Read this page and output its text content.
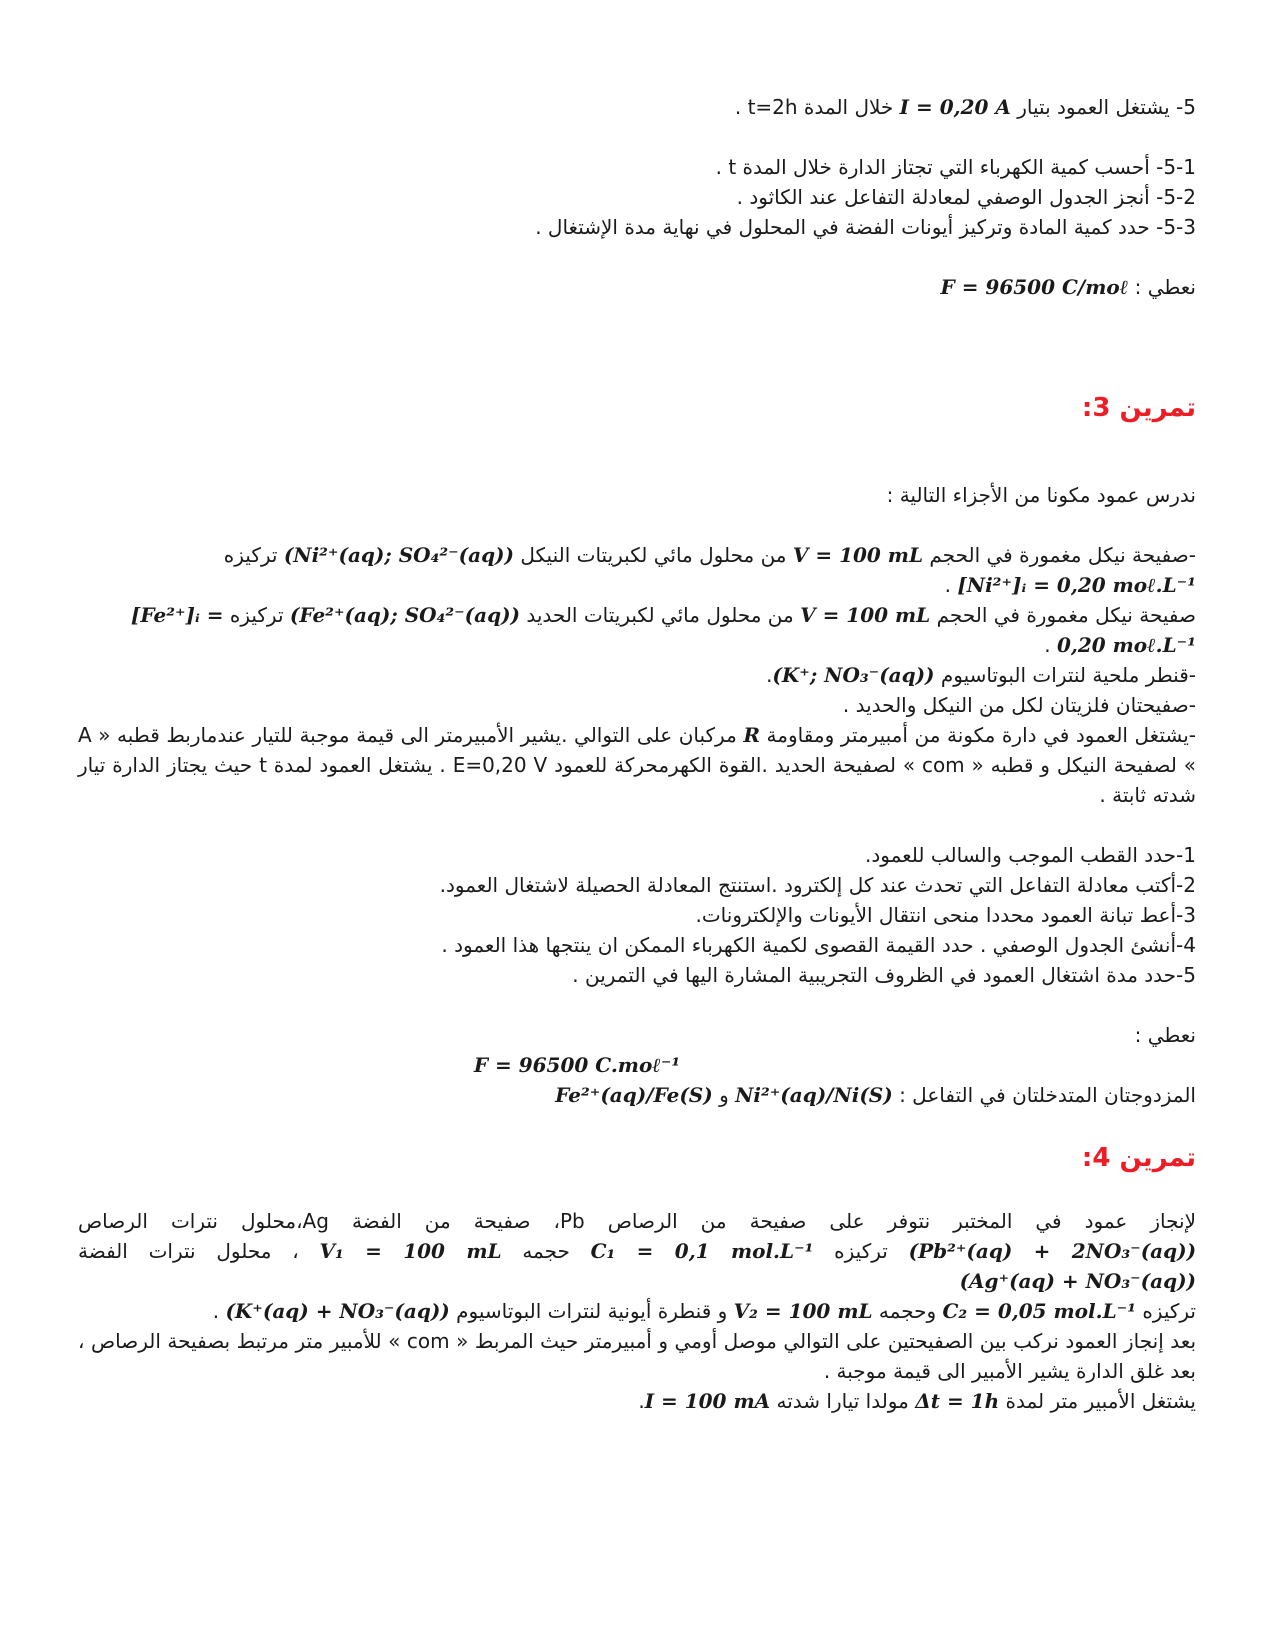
5- يشتغل العمود بتيار I = 0,20 A خلال المدة t=2h .

5-1- أحسب كمية الكهرباء التي تجتاز الدارة خلال المدة t .

5-2- أنجز الجدول الوصفي لمعادلة التفاعل عند الكاثود .

5-3- حدد كمية المادة وتركيز أيونات الفضة في المحلول في نهاية مدة الإشتغال .

نعطي : F = 96500 C/moℓ

تمرين 3:

ندرس عمود مكونا من الأجزاء التالية :

-صفيحة نيكل مغمورة في الحجم V = 100 mL من محلول مائي لكبريتات النيكل (Ni²⁺(aq); SO₄²⁻(aq)) تركيزه

[Ni²⁺]ᵢ = 0,20 moℓ.L⁻¹ .

صفيحة نيكل مغمورة في الحجم V = 100 mL من محلول مائي لكبريتات الحديد (Fe²⁺(aq); SO₄²⁻(aq)) تركيزه [Fe²⁺]ᵢ =

0,20 moℓ.L⁻¹ .

-قنطر ملحية لنترات البوتاسيوم (K⁺; NO₃⁻(aq)).

-صفيحتان فلزيتان لكل من النيكل والحديد .

-يشتغل العمود في دارة مكونة من أمبيرمتر ومقاومة R مركبان على التوالي .يشير الأمبيرمتر الى قيمة موجبة للتيار عندماربط قطبه « A » لصفيحة النيكل و قطبه « com » لصفيحة الحديد .القوة الكهرمحركة للعمود E=0,20 V . يشتغل العمود لمدة t حيث يجتاز الدارة تيار شدته ثابتة .

1-حدد القطب الموجب والسالب للعمود.

2-أكتب معادلة التفاعل التي تحدث عند كل إلكترود .استنتج المعادلة الحصيلة لاشتغال العمود.

3-أعط تبانة العمود محددا منحى انتقال الأيونات والإلكترونات.

4-أنشئ الجدول الوصفي . حدد القيمة القصوى لكمية الكهرباء الممكن ان ينتجها هذا العمود .

5-حدد مدة اشتغال العمود في الظروف التجريبية المشارة اليها في التمرين .

نعطي :

F = 96500 C.moℓ⁻¹

المزدوجتان المتدخلتان في التفاعل : Ni²⁺(aq)/Ni(S) و Fe²⁺(aq)/Fe(S)

تمرين 4:

لإنجاز عمود في المختبر نتوفر على صفيحة من الرصاص Pb، صفيحة من الفضة Ag،محلول نترات الرصاص (Pb²⁺(aq) + 2NO₃⁻(aq)) تركيزه C₁ = 0,1 mol.L⁻¹ حجمه V₁ = 100 mL ، محلول نترات الفضة (Ag⁺(aq) + NO₃⁻(aq))

تركيزه C₂ = 0,05 mol.L⁻¹ وحجمه V₂ = 100 mL و قنطرة أيونية لنترات البوتاسيوم (K⁺(aq) + NO₃⁻(aq)) .

بعد إنجاز العمود نركب بين الصفيحتين على التوالي موصل أومي و أمبيرمتر حيث المربط « com » للأمبير متر مرتبط بصفيحة الرصاص ، بعد غلق الدارة يشير الأمبير الى قيمة موجبة .

يشتغل الأمبير متر لمدة Δt = 1h مولدا تيارا شدته I = 100 mA.
